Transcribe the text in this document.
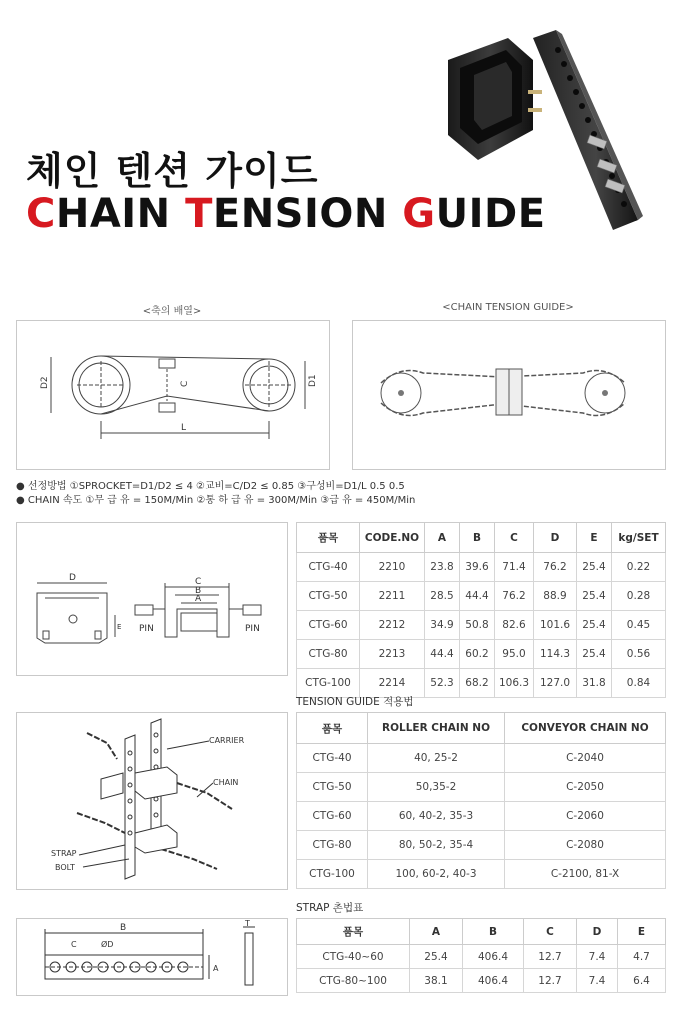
체인 텐션 가이드
CHAIN TENSION GUIDE
<축의 배열>	<CHAIN TENSION GUIDE>
D2	D1
C
L
● 선정방법 ①SPROCKET=D1/D2 ≤ 4 ②교비=C/D2 ≤ 0.85 ③구성비=D1/L 0.5 0.5
● CHAIN 속도 ①무 급 유 = 150M/Min ②통 하 급 유 = 300M/Min ③급 유 = 450M/Min
D
E
C
B
A
PIN	PIN
품목	CODE.NO	A	B	C	D	E	kg/SET
CTG-40	2210	23.8	39.6	71.4	76.2	25.4	0.22
CTG-50	2211	28.5	44.4	76.2	88.9	25.4	0.28
CTG-60	2212	34.9	50.8	82.6	101.6	25.4	0.45
CTG-80	2213	44.4	60.2	95.0	114.3	25.4	0.56
CTG-100	2214	52.3	68.2	106.3	127.0	31.8	0.84
TENSION GUIDE 적용법
CARRIER
CHAIN
STRAP
BOLT
품목	ROLLER CHAIN NO	CONVEYOR CHAIN NO
CTG-40	40, 25-2	C-2040
CTG-50	50,35-2	C-2050
CTG-60	60, 40-2, 35-3	C-2060
CTG-80	80, 50-2, 35-4	C-2080
CTG-100	100, 60-2, 40-3	C-2100, 81-X
STRAP 촌법표
B
C	ØD
A
T
품목	A	B	C	D	E
CTG-40~60	25.4	406.4	12.7	7.4	4.7
CTG-80~100	38.1	406.4	12.7	7.4	6.4
